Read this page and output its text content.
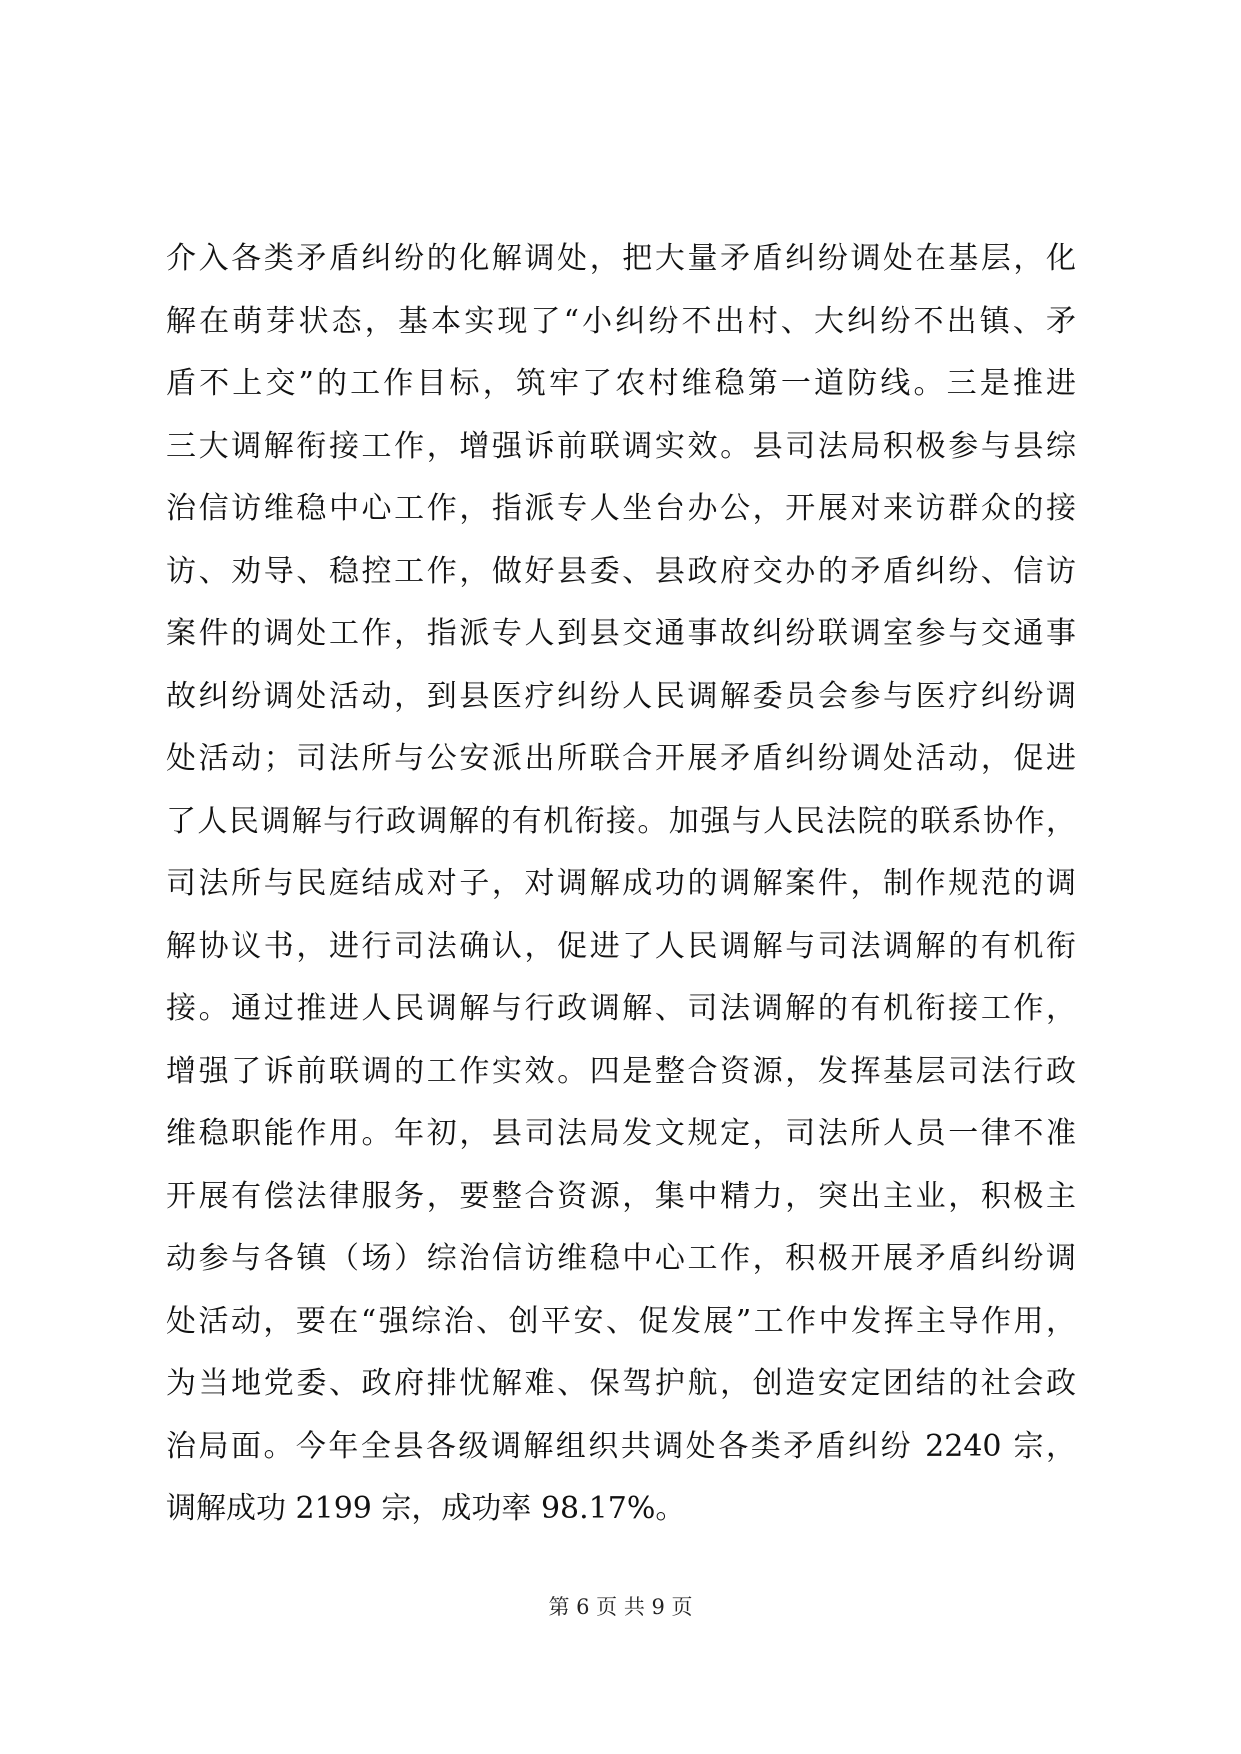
介入各类矛盾纠纷的化解调处，把大量矛盾纠纷调处在基层，化
解在萌芽状态，基本实现了“小纠纷不出村、大纠纷不出镇、矛
盾不上交”的工作目标，筑牢了农村维稳第一道防线。三是推进
三大调解衔接工作，增强诉前联调实效。县司法局积极参与县综
治信访维稳中心工作，指派专人坐台办公，开展对来访群众的接
访、劝导、稳控工作，做好县委、县政府交办的矛盾纠纷、信访
案件的调处工作，指派专人到县交通事故纠纷联调室参与交通事
故纠纷调处活动，到县医疗纠纷人民调解委员会参与医疗纠纷调
处活动；司法所与公安派出所联合开展矛盾纠纷调处活动，促进
了人民调解与行政调解的有机衔接。加强与人民法院的联系协作，
司法所与民庭结成对子，对调解成功的调解案件，制作规范的调
解协议书，进行司法确认，促进了人民调解与司法调解的有机衔
接。通过推进人民调解与行政调解、司法调解的有机衔接工作，
增强了诉前联调的工作实效。四是整合资源，发挥基层司法行政
维稳职能作用。年初，县司法局发文规定，司法所人员一律不准
开展有偿法律服务，要整合资源，集中精力，突出主业，积极主
动参与各镇（场）综治信访维稳中心工作，积极开展矛盾纠纷调
处活动，要在“强综治、创平安、促发展”工作中发挥主导作用，
为当地党委、政府排忧解难、保驾护航，创造安定团结的社会政
治局面。今年全县各级调解组织共调处各类矛盾纠纷 2240 宗，
调解成功 2199 宗，成功率 98.17%。
第 6 页 共 9 页
